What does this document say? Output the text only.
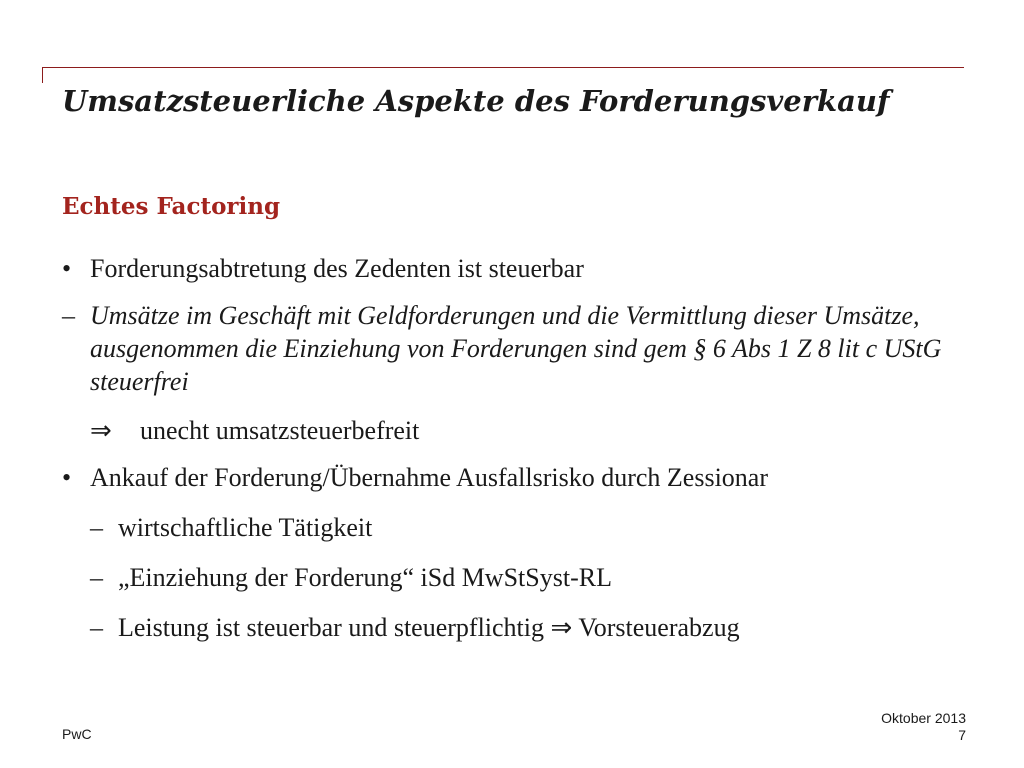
Umsatzsteuerliche Aspekte des Forderungsverkauf
Echtes Factoring
• Forderungsabtretung des Zedenten ist steuerbar
– Umsätze im Geschäft mit Geldforderungen und die Vermittlung dieser Umsätze, ausgenommen die Einziehung von Forderungen sind gem § 6 Abs 1 Z 8 lit c UStG steuerfrei
⇒	unecht umsatzsteuerbefreit
• Ankauf der Forderung/Übernahme Ausfallsrisko durch Zessionar
– wirtschaftliche Tätigkeit
– „Einziehung der Forderung“ iSd MwStSyst-RL
– Leistung ist steuerbar und steuerpflichtig ⇒ Vorsteuerabzug
PwC
Oktober 2013
7
